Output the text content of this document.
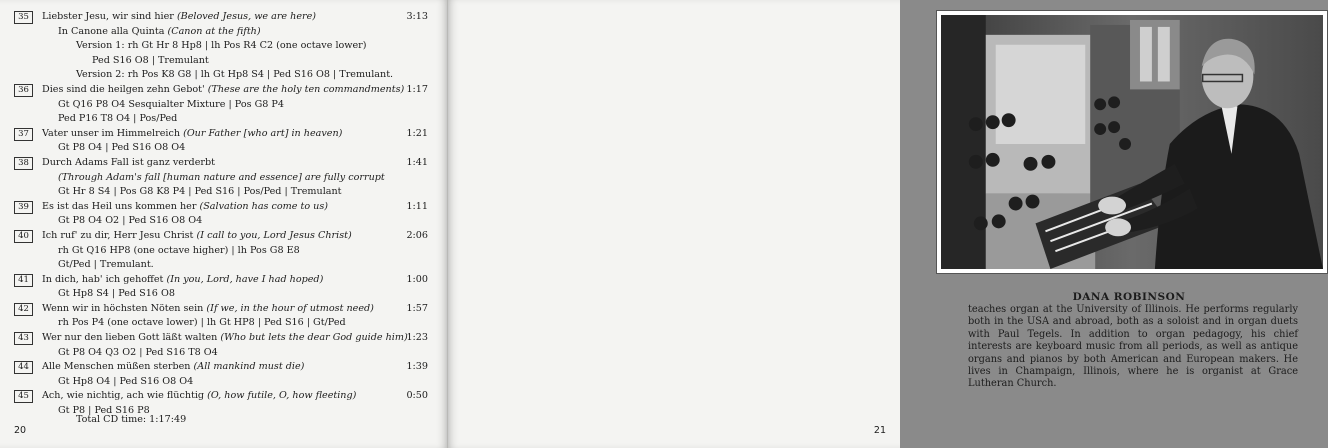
35	Liebster Jesu, wir sind hier (Beloved Jesus, we are here)	3:13
In Canone alla Quinta (Canon at the fifth)
Version 1: rh Gt Hr 8 Hp8 | lh Pos R4 C2 (one octave lower)
Ped S16 O8 | Tremulant
Version 2: rh Pos K8 G8 | lh Gt Hp8 S4 | Ped S16 O8 | Tremulant.
36	Dies sind die heilgen zehn Gebot' (These are the holy ten commandments) 1:17
Gt Q16 P8 O4 Sesquialter Mixture | Pos G8 P4
Ped P16 T8 O4 | Pos/Ped
37	Vater unser im Himmelreich (Our Father [who art] in heaven)	1:21
Gt P8 O4 | Ped S16 O8 O4
38	Durch Adams Fall ist ganz verderbt	1:41
(Through Adam's fall [human nature and essence] are fully corrupt
Gt Hr 8 S4 | Pos G8 K8 P4 | Ped S16 | Pos/Ped | Tremulant
39	Es ist das Heil uns kommen her (Salvation has come to us)	1:11
Gt P8 O4 O2 | Ped S16 O8 O4
40	Ich ruf' zu dir, Herr Jesu Christ (I call to you, Lord Jesus Christ)	2:06
rh Gt Q16 HP8 (one octave higher) | lh Pos G8 E8
Gt/Ped | Tremulant.
41	In dich, hab' ich gehoffet (In you, Lord, have I had hoped)	1:00
Gt Hp8 S4 | Ped S16 O8
42	Wenn wir in höchsten Nöten sein (If we, in the hour of utmost need)	1:57
rh Pos P4 (one octave lower) | lh Gt HP8 | Ped S16 | Gt/Ped
43	Wer nur den lieben Gott läßt walten (Who but lets the dear God guide him)
1:23
Gt P8 O4 Q3 O2 | Ped S16 T8 O4
44	Alle Menschen müßen sterben (All mankind must die)	1:39
Gt Hp8 O4 | Ped S16 O8 O4
45	Ach, wie nichtig, ach wie flüchtig (O, how futile, O, how fleeting)	0:50
Gt P8 | Ped S16 P8
Total CD time: 1:17:49
20
DANA ROBINSON
teaches organ at the University of Illinois. He performs regularly both in the USA and abroad, both as a soloist and in organ duets with Paul Tegels. In addition to organ pedagogy, his chief interests are keyboard music from all periods, as well as antique organs and pianos by both American and European makers. He lives in Champaign, Illinois, where he is organist at Grace Lutheran Church.
21
